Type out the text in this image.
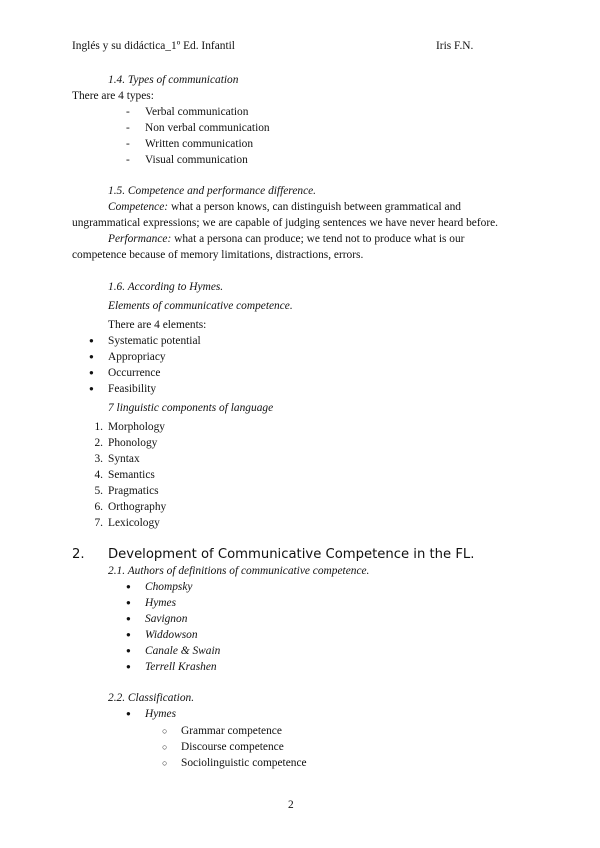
Inglés y su didáctica_1º Ed. Infantil	Iris F.N.
1.4. Types of communication
There are 4 types:
- Verbal communication
- Non verbal communication
- Written communication
- Visual communication
1.5. Competence and performance difference.
Competence: what a person knows, can distinguish between grammatical and
ungrammatical expressions; we are capable of judging sentences we have never heard before.
Performance: what a persona can produce; we tend not to produce what is our
competence because of memory limitations, distractions, errors.
1.6. According to Hymes.
Elements of communicative competence.
There are 4 elements:
● Systematic potential
● Appropriacy
● Occurrence
● Feasibility
7 linguistic components of language
1. Morphology
2. Phonology
3. Syntax
4. Semantics
5. Pragmatics
6. Orthography
7. Lexicology
2. Development of Communicative Competence in the FL.
2.1. Authors of definitions of communicative competence.
● Chompsky
● Hymes
● Savignon
● Widdowson
● Canale & Swain
● Terrell Krashen
2.2. Classification.
● Hymes
○ Grammar competence
○ Discourse competence
○ Sociolinguistic competence
2
